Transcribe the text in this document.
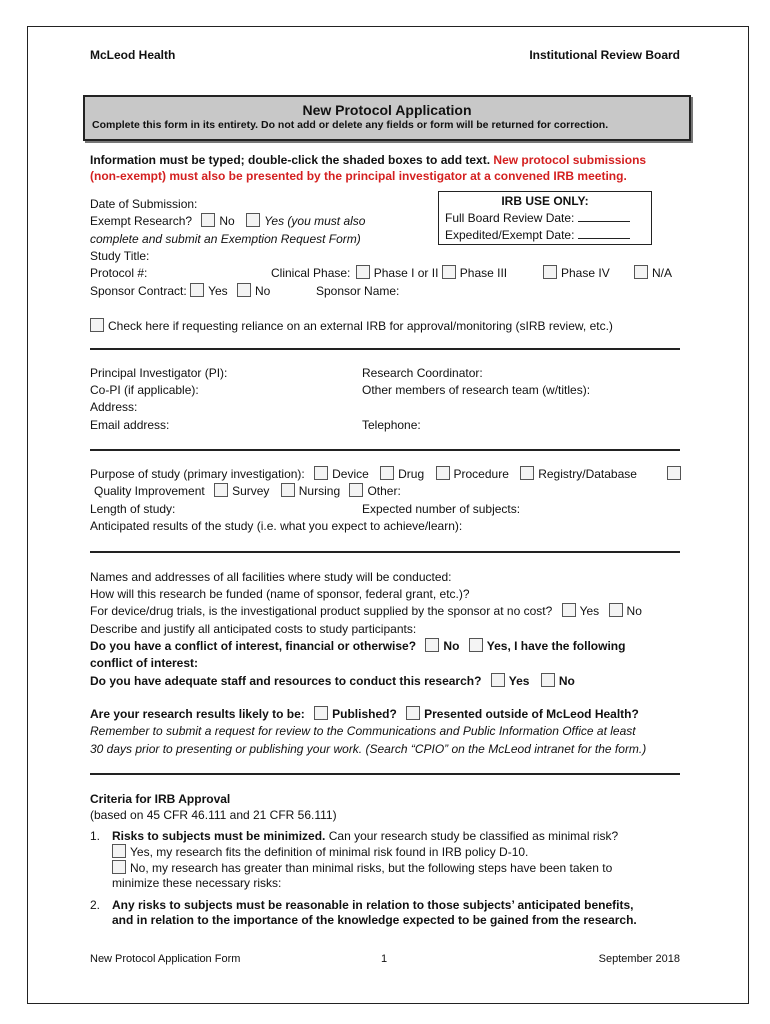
McLeod Health	Institutional Review Board
New Protocol Application
Complete this form in its entirety. Do not add or delete any fields or form will be returned for correction.
Information must be typed; double-click the shaded boxes to add text. New protocol submissions
(non-exempt) must also be presented by the principal investigator at a convened IRB meeting.
IRB USE ONLY:
Full Board Review Date:
Expedited/Exempt Date:
Date of Submission:
Exempt Research? No Yes (you must also
complete and submit an Exemption Request Form)
Study Title:
Protocol #:	Clinical Phase: Phase I or II Phase III	Phase IV	N/A
Sponsor Contract: Yes No	Sponsor Name:
Check here if requesting reliance on an external IRB for approval/monitoring (sIRB review, etc.)
Principal Investigator (PI):	Research Coordinator:
Co-PI (if applicable):	Other members of research team (w/titles):
Address:
Email address:	Telephone:
Purpose of study (primary investigation): Device Drug Procedure Registry/Database
Quality Improvement Survey Nursing Other:
Length of study:	Expected number of subjects:
Anticipated results of the study (i.e. what you expect to achieve/learn):
Names and addresses of all facilities where study will be conducted:
How will this research be funded (name of sponsor, federal grant, etc.)?
For device/drug trials, is the investigational product supplied by the sponsor at no cost? Yes No
Describe and justify all anticipated costs to study participants:
Do you have a conflict of interest, financial or otherwise? No Yes, I have the following
conflict of interest:
Do you have adequate staff and resources to conduct this research? Yes No
Are your research results likely to be: Published? Presented outside of McLeod Health?
Remember to submit a request for review to the Communications and Public Information Office at least
30 days prior to presenting or publishing your work. (Search “CPIO” on the McLeod intranet for the form.)
Criteria for IRB Approval
(based on 45 CFR 46.111 and 21 CFR 56.111)
1. Risks to subjects must be minimized. Can your research study be classified as minimal risk?
Yes, my research fits the definition of minimal risk found in IRB policy D-10.
No, my research has greater than minimal risks, but the following steps have been taken to
minimize these necessary risks:
2. Any risks to subjects must be reasonable in relation to those subjects’ anticipated benefits,
and in relation to the importance of the knowledge expected to be gained from the research.
New Protocol Application Form	1	September 2018
